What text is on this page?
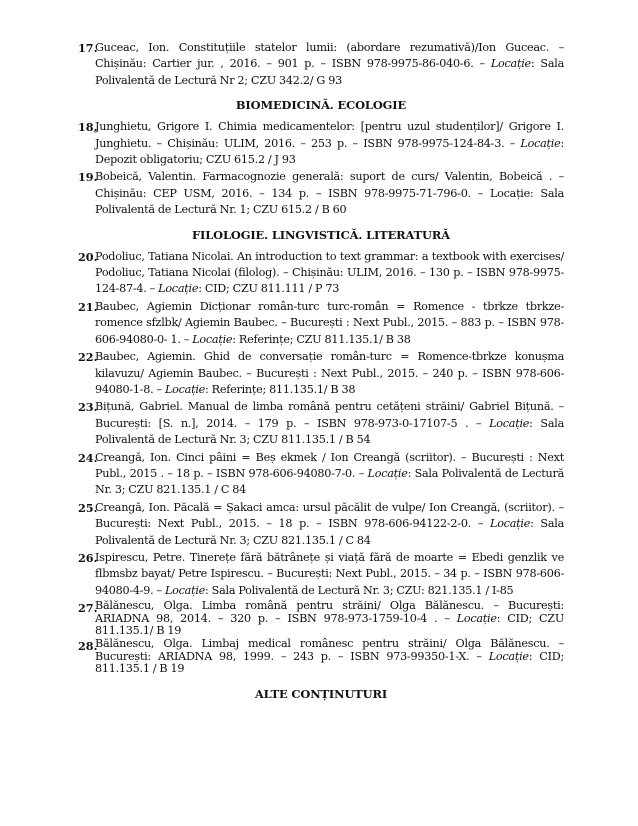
17.
Guceac, Ion. Constituțiile statelor lumii: (abordare rezumativă)/Ion Guceac. – Chișinău: Cartier jur. , 2016. – 901 p. – ISBN 978-9975-86-040-6. – Locație: Sala Polivalentă de Lectură Nr 2; CZU 342.2/ G 93
BIOMEDICINĂ. ECOLOGIE
18.
Junghietu, Grigore I. Chimia medicamentelor: [pentru uzul studenților]/ Grigore I. Junghietu. – Chișinău: ULIM, 2016. – 253 p. – ISBN 978-9975-124-84-3. – Locație: Depozit obligatoriu; CZU 615.2 / J 93
19.
Bobeică, Valentin. Farmacognozie generală: suport de curs/ Valentin, Bobeică . – Chișinău: CEP USM, 2016. – 134 p. – ISBN 978-9975-71-796-0. – Locație: Sala Polivalentă de Lectură Nr. 1; CZU 615.2 / B 60
FILOLOGIE. LINGVISTICĂ. LITERATURĂ
20.
Podoliuc, Tatiana Nicolai. An introduction to text grammar: a textbook with exercises/ Podoliuc, Tatiana Nicolai (filolog). – Chișinău: ULIM, 2016. – 130 p. – ISBN 978-9975-124-87-4. – Locație: CID; CZU 811.111 / P 73
21.
Baubec, Agiemin Dicționar român-turc turc-român = Romence - tbrkze tbrkze-romence sfzlbk/ Agiemin Baubec. – București : Next Publ., 2015. – 883 p. – ISBN 978-606-94080-0- 1. – Locație: Referințe; CZU 811.135.1/ B 38
22.
Baubec, Agiemin. Ghid de conversație român-turc = Romence-tbrkze konușma kilavuzu/ Agiemin Baubec. – București : Next Publ., 2015. – 240 p. – ISBN 978-606-94080-1-8. – Locație: Referințe; 811.135.1/ B 38
23.
Bițună, Gabriel. Manual de limba română pentru cetățeni străini/ Gabriel Bițună. – București: [S. n.], 2014. – 179 p. – ISBN 978-973-0-17107-5 . – Locație: Sala Polivalentă de Lectură Nr. 3; CZU 811.135.1 / B 54
24.
Creangă, Ion. Cinci pâini = Beș ekmek / Ion Creangă (scriitor). – București : Next Publ., 2015 . – 18 p. – ISBN 978-606-94080-7-0. – Locație: Sala Polivalentă de Lectură Nr. 3; CZU 821.135.1 / C 84
25.
Creangă, Ion. Păcală = Șakaci amca: ursul păcălit de vulpe/ Ion Creangă, (scriitor). – București: Next Publ., 2015. – 18 p. – ISBN 978-606-94122-2-0. – Locație: Sala Polivalentă de Lectură Nr. 3; CZU 821.135.1 / C 84
26.
Ispirescu, Petre. Tinerețe fără bătrânețe și viață fără de moarte = Ebedi genzlik ve flbmsbz bayat/ Petre Ispirescu. – București: Next Publ., 2015. – 34 p. – ISBN 978-606-94080-4-9. – Locație: Sala Polivalentă de Lectură Nr. 3; CZU: 821.135.1 / I-85
27.
Bălănescu, Olga. Limba română pentru străini/ Olga Bălănescu. – București: ARIADNA 98, 2014. – 320 p. – ISBN 978-973-1759-10-4 . – Locație: CID; CZU 811.135.1/ B 19
28.
Bălănescu, Olga. Limbaj medical românesc pentru străini/ Olga Bălănescu. – București: ARIADNA 98, 1999. – 243 p. – ISBN 973-99350-1-X. – Locație: CID; 811.135.1 / B 19
ALTE CONȚINUTURI
